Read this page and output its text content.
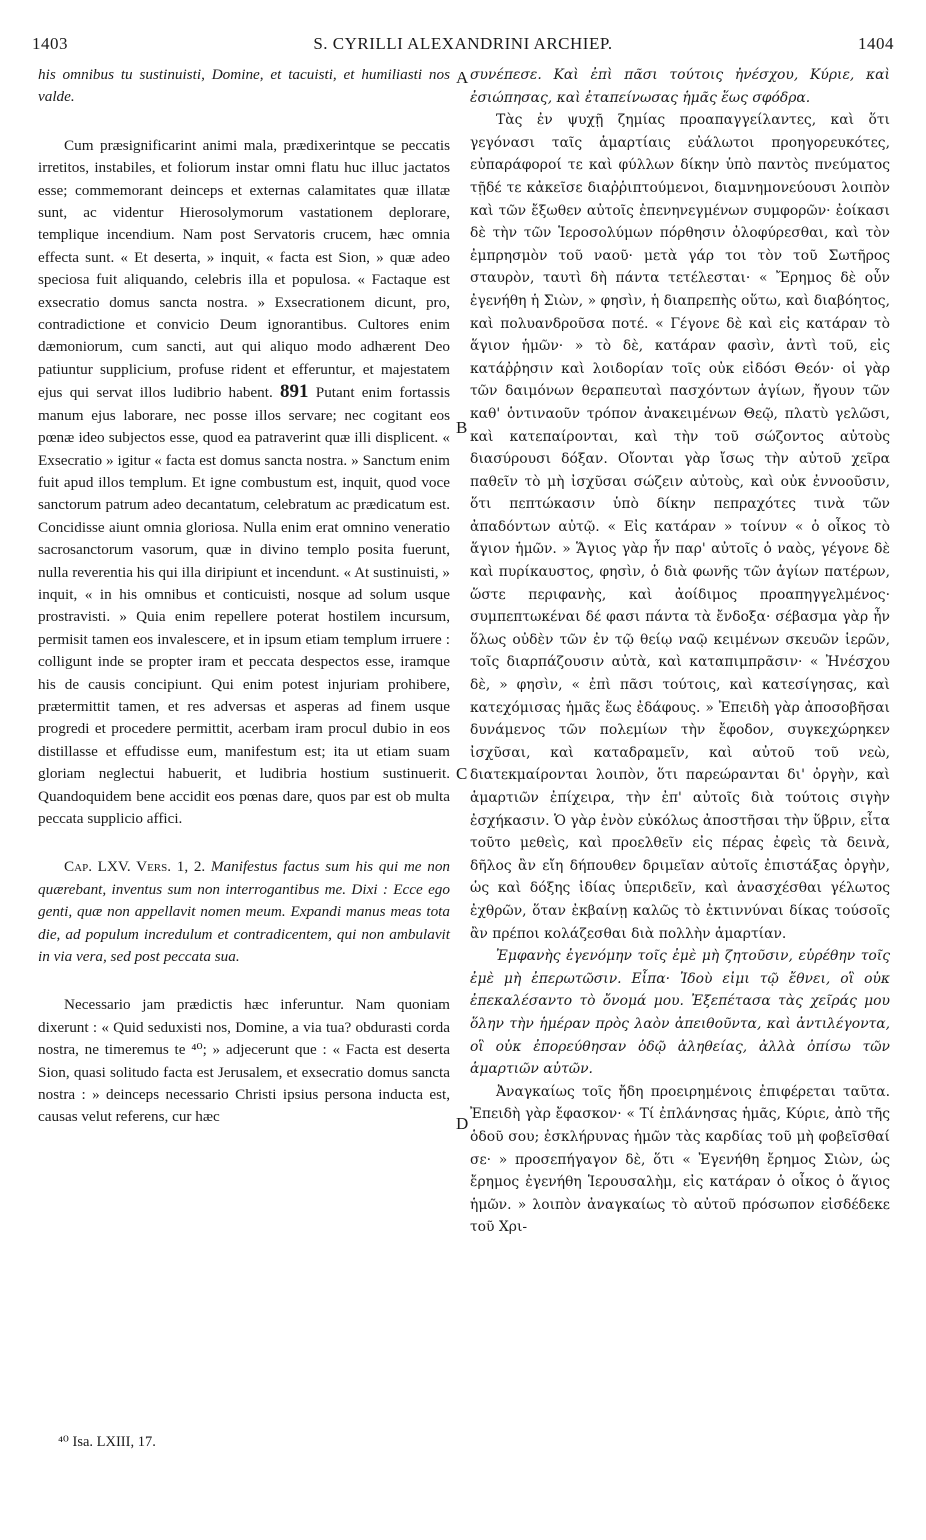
1403	S. CYRILLI ALEXANDRINI ARCHIEP.	1404

his omnibus tu sustinuisti, Domine, et tacuisti, et humiliasti nos valde.

Cum præsignificarint animi mala, prædixerintque se peccatis irretitos, instabiles, et foliorum instar omni flatu huc illuc jactatos esse; commemorant deinceps et externas calamitates quæ illatæ sunt, ac videntur Hierosolymorum vastationem deplorare, templique incendium. Nam post Servatoris crucem, hæc omnia effecta sunt. « Et deserta, » inquit, « facta est Sion, » quæ adeo speciosa fuit aliquando, celebris illa et populosa. « Factaque est exsecratio domus sancta nostra. » Exsecrationem dicunt, pro, contradictione et convicio Deum ignorantibus. Cultores enim dæmoniorum, cum sancti, aut qui aliquo modo adhærent Deo patiuntur supplicium, profuse rident et efferuntur, et majestatem ejus qui servat illos ludibrio habent. 891 Putant enim fortassis manum ejus laborare, nec posse illos servare; nec cogitant eos pœnæ ideo subjectos esse, quod ea patraverint quæ illi displicent. « Exsecratio » igitur « facta est domus sancta nostra. » Sanctum enim fuit apud illos templum. Et igne combustum est, inquit, quod voce sanctorum patrum adeo decantatum, celebratum ac prædicatum est. Concidisse aiunt omnia gloriosa. Nulla enim erat omnino veneratio sacrosanctorum vasorum, quæ in divino templo posita fuerunt, nulla reverentia his qui illa diripiunt et incendunt. « At sustinuisti, » inquit, « in his omnibus et conticuisti, nosque ad solum usque prostravisti. » Quia enim repellere poterat hostilem incursum, permisit tamen eos invalescere, et in ipsum etiam templum irruere : colligunt inde se propter iram et peccata despectos esse, iramque his de causis concipiunt. Qui enim potest injuriam prohibere, prætermittit tamen, et res adversas et asperas ad finem usque progredi et procedere permittit, acerbam iram procul dubio in eos distillasse et effudisse eum, manifestum est; ita ut etiam suam gloriam neglectui habuerit, et ludibria hostium sustinuerit. Quandoquidem bene accidit eos pœnas dare, quos par est ob multa peccata supplicio affici.

Cap. LXV. Vers. 1, 2. Manifestus factus sum his qui me non quærebant, inventus sum non interrogantibus me. Dixi : Ecce ego genti, quæ non appellavit nomen meum. Expandi manus meas tota die, ad populum incredulum et contradicentem, qui non ambulavit in via vera, sed post peccata sua.

Necessario jam prædictis hæc inferuntur. Nam quoniam dixerunt : « Quid seduxisti nos, Domine, a via tua? obdurasti corda nostra, ne timeremus te ⁴⁰; » adjecerunt que : « Facta est deserta Sion, quasi solitudo facta est Jerusalem, et exsecratio domus sancta nostra : » deinceps necessario Christi ipsius persona inducta est, causas velut referens, cur hæc

συνέπεσε. Καὶ ἐπὶ πᾶσι τούτοις ἠνέσχου, Κύριε, καὶ ἐσιώπησας, καὶ ἐταπείνωσας ἡμᾶς ἕως σφόδρα.

Τὰς ἐν ψυχῇ ζημίας προαπαγγείλαντες, καὶ ὅτι γεγόνασι ταῖς ἁμαρτίαις εὐάλωτοι προηγορευκότες, εὐπαράφοροί τε καὶ φύλλων δίκην ὑπὸ παντὸς πνεύματος τῇδέ τε κἀκεῖσε διαῤῥιπτούμενοι, διαμνημονεύουσι λοιπὸν καὶ τῶν ἔξωθεν αὐτοῖς ἐπενηνεγμένων συμφορῶν· ἐοίκασι δὲ τὴν τῶν Ἱεροσολύμων πόρθησιν ὀλοφύρεσθαι, καὶ τὸν ἐμπρησμὸν τοῦ ναοῦ· μετὰ γάρ τοι τὸν τοῦ Σωτῆρος σταυρὸν, ταυτὶ δὴ πάντα τετέλεσται· « Ἔρημος δὲ οὖν ἐγενήθη ἡ Σιὼν, » φησὶν, ἡ διαπρεπὴς οὕτω, καὶ διαβόητος, καὶ πολυανδροῦσα ποτέ. « Γέγονε δὲ καὶ εἰς κατάραν τὸ ἅγιον ἡμῶν· » τὸ δὲ, κατάραν φασὶν, ἀντὶ τοῦ, εἰς κατάῤῥησιν καὶ λοιδορίαν τοῖς οὐκ εἰδόσι Θεόν· οἱ γὰρ τῶν δαιμόνων θεραπευταὶ πασχόντων ἁγίων, ἤγουν τῶν καθ' ὁντιναοῦν τρόπον ἀνακειμένων Θεῷ, πλατὺ γελῶσι, καὶ κατεπαίρονται, καὶ τὴν τοῦ σώζοντος αὐτοὺς διασύρουσι δόξαν. Οἴονται γὰρ ἴσως τὴν αὐτοῦ χεῖρα παθεῖν τὸ μὴ ἰσχῦσαι σώζειν αὐτοὺς, καὶ οὐκ ἐννοοῦσιν, ὅτι πεπτώκασιν ὑπὸ δίκην πεπραχότες τινὰ τῶν ἀπαδόντων αὐτῷ. « Εἰς κατάραν » τοίνυν « ὁ οἶκος τὸ ἅγιον ἡμῶν. » Ἅγιος γὰρ ἦν παρ' αὐτοῖς ὁ ναὸς, γέγονε δὲ καὶ πυρίκαυστος, φησὶν, ὁ διὰ φωνῆς τῶν ἁγίων πατέρων, ὥστε περιφανὴς, καὶ ἀοίδιμος προαπηγγελμένος· συμπεπτωκέναι δέ φασι πάντα τὰ ἔνδοξα· σέβασμα γὰρ ἦν ὅλως οὐδὲν τῶν ἐν τῷ θείῳ ναῷ κειμένων σκευῶν ἱερῶν, τοῖς διαρπάζουσιν αὐτὰ, καὶ καταπιμπρᾶσιν· « Ἠνέσχου δὲ, » φησὶν, « ἐπὶ πᾶσι τούτοις, καὶ κατεσίγησας, καὶ κατεχόμισας ἡμᾶς ἕως ἐδάφους. » Ἐπειδὴ γὰρ ἀποσοβῆσαι δυνάμενος τῶν πολεμίων τὴν ἔφοδον, συγκεχώρηκεν ἰσχῦσαι, καὶ καταδραμεῖν, καὶ αὐτοῦ τοῦ νεὼ, διατεκμαίρονται λοιπὸν, ὅτι παρεώρανται δι' ὀργὴν, καὶ ἁμαρτιῶν ἐπίχειρα, τὴν ἐπ' αὐτοῖς διὰ τούτοις σιγὴν ἐσχήκασιν. Ὁ γὰρ ἐνὸν εὐκόλως ἀποστῆσαι τὴν ὕβριν, εἶτα τοῦτο μεθεὶς, καὶ προελθεῖν εἰς πέρας ἐφεὶς τὰ δεινὰ, δῆλος ἂν εἴη δήπουθεν δριμεῖαν αὐτοῖς ἐπιστάξας ὀργὴν, ὡς καὶ δόξης ἰδίας ὑπεριδεῖν, καὶ ἀνασχέσθαι γέλωτος ἐχθρῶν, ὅταν ἐκβαίνῃ καλῶς τὸ ἐκτιννύναι δίκας τούσοῖς ἂν πρέποι κολάζεσθαι διὰ πολλὴν ἁμαρτίαν.

Ἐμφανὴς ἐγενόμην τοῖς ἐμὲ μὴ ζητοῦσιν, εὑρέθην τοῖς ἐμὲ μὴ ἐπερωτῶσιν. Εἶπα· Ἰδοὺ εἰμι τῷ ἔθνει, οἳ οὐκ ἐπεκαλέσαντο τὸ ὄνομά μου. Ἐξεπέτασα τὰς χεῖράς μου ὅλην τὴν ἡμέραν πρὸς λαὸν ἀπειθοῦντα, καὶ ἀντιλέγοντα, οἳ οὐκ ἐπορεύθησαν ὁδῷ ἀληθείας, ἀλλὰ ὀπίσω τῶν ἁμαρτιῶν αὐτῶν.

Ἀναγκαίως τοῖς ἤδη προειρημένοις ἐπιφέρεται ταῦτα. Ἐπειδὴ γὰρ ἔφασκον· « Τί ἐπλάνησας ἡμᾶς, Κύριε, ἀπὸ τῆς ὁδοῦ σου; ἐσκλήρυνας ἡμῶν τὰς καρδίας τοῦ μὴ φοβεῖσθαί σε· » προσεπήγαγον δὲ, ὅτι « Ἐγενήθη ἔρημος Σιὼν, ὡς ἔρημος ἐγενήθη Ἱερουσαλὴμ, εἰς κατάραν ὁ οἶκος ὁ ἅγιος ἡμῶν. » λοιπὸν ἀναγκαίως τὸ αὐτοῦ πρόσωπον εἰσδέδεκε τοῦ Χρι-

A
B
C
D
⁴⁰ Isa. LXIII, 17.
